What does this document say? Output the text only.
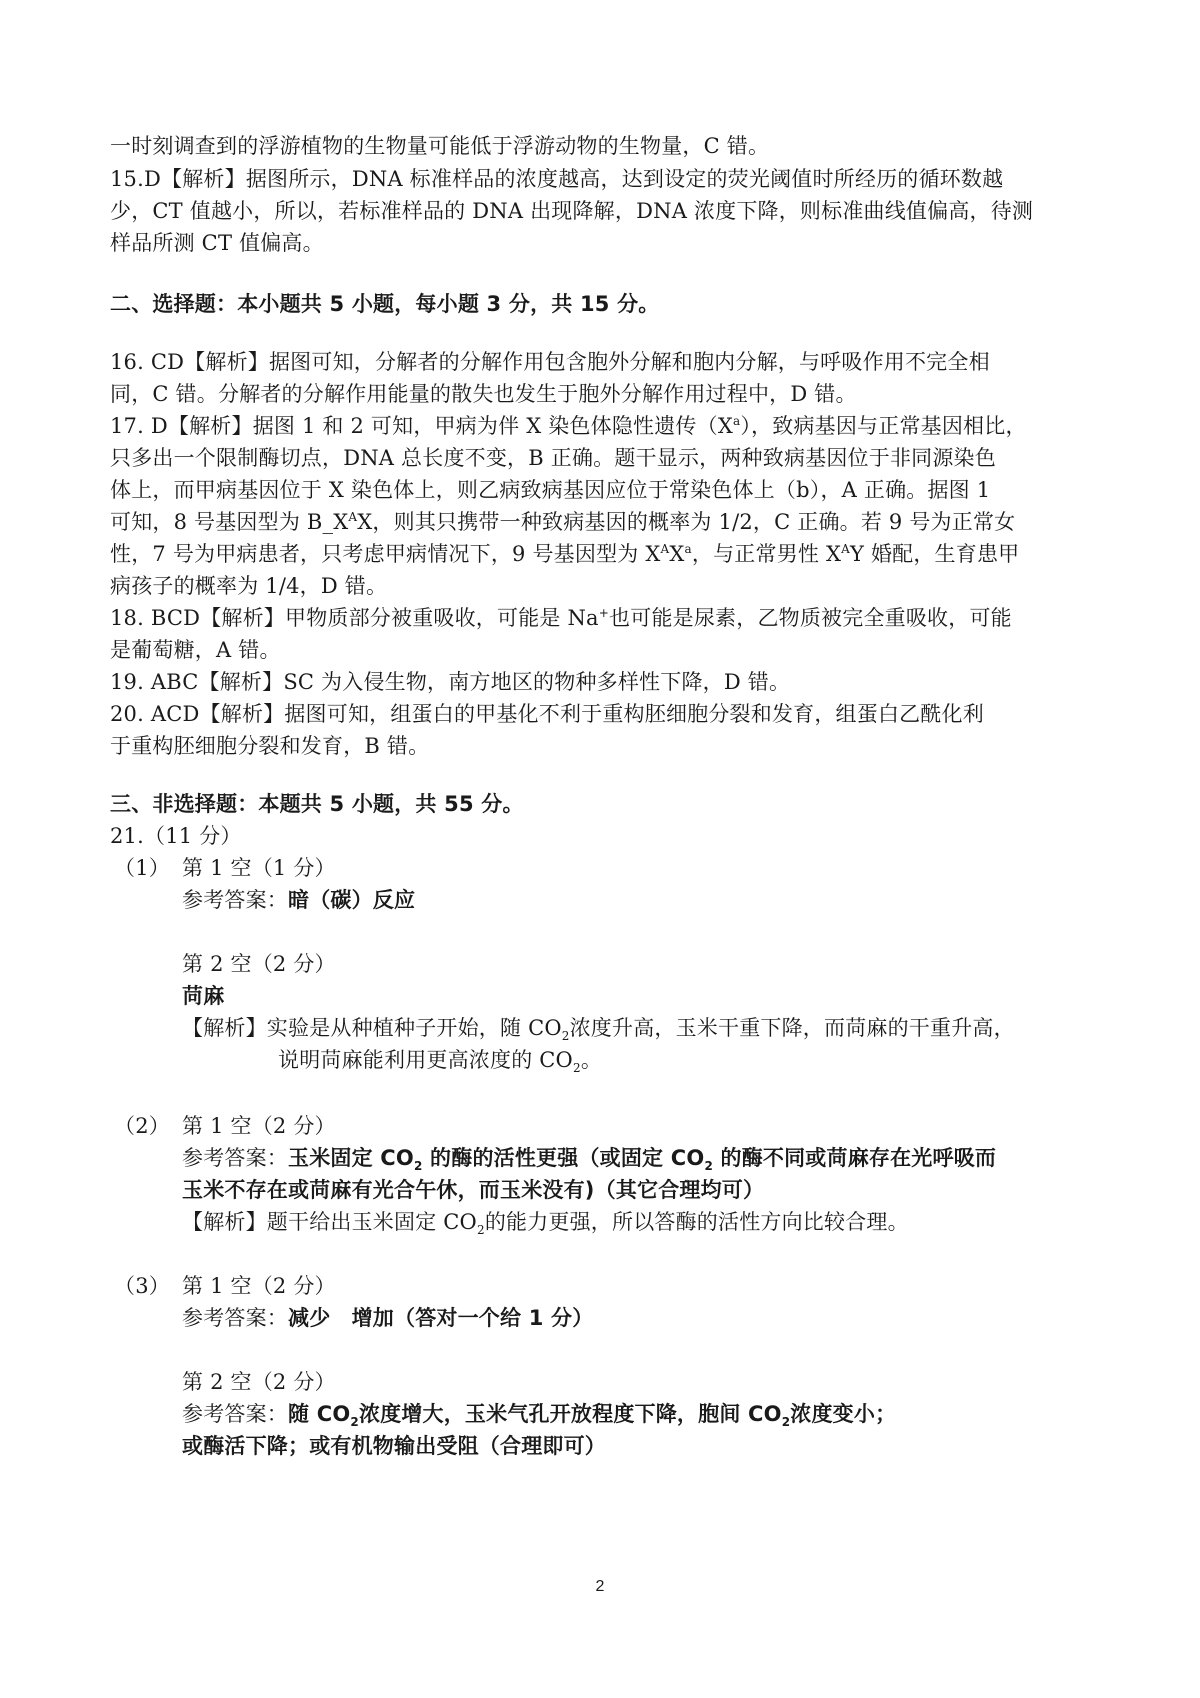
一时刻调查到的浮游植物的生物量可能低于浮游动物的生物量，C 错。
15.D【解析】据图所示，DNA 标准样品的浓度越高，达到设定的荧光阈值时所经历的循环数越
少，CT 值越小，所以，若标准样品的 DNA 出现降解，DNA 浓度下降，则标准曲线值偏高，待测
样品所测 CT 值偏高。
二、选择题：本小题共 5 小题，每小题 3 分，共 15 分。
16. CD【解析】据图可知，分解者的分解作用包含胞外分解和胞内分解，与呼吸作用不完全相
同，C 错。分解者的分解作用能量的散失也发生于胞外分解作用过程中，D 错。
17. D【解析】据图 1 和 2 可知，甲病为伴 X 染色体隐性遗传$(X^a)$，致病基因与正常基因相比，
只多出一个限制酶切点，DNA 总长度不变，B 正确。题干显示，两种致病基因位于非同源染色
体上，而甲病基因位于 X 染色体上，则乙病致病基因应位于常染色体上（b），A 正确。据图 1
可知，8 号基因型为 $B\_X^AX$，则其只携带一种致病基因的概率为 1/2，C 正确。若 9 号为正常女
性，7 号为甲病患者，只考虑甲病情况下，9 号基因型为 $X^AX^a$，与正常男性 $X^AY$ 婚配，生育患甲
病孩子的概率为 1/4，D 错。
18. BCD【解析】甲物质部分被重吸收，可能是 Na+也可能是尿素，乙物质被完全重吸收，可能
是葡萄糖，A 错。
19. ABC【解析】SC 为入侵生物，南方地区的物种多样性下降，D 错。
20. ACD【解析】据图可知，组蛋白的甲基化不利于重构胚细胞分裂和发育，组蛋白乙酰化利
于重构胚细胞分裂和发育，B 错。
三、非选择题：本题共 5 小题，共 55 分。
21.（11 分）
（1） 第 1 空（1 分）
参考答案：暗（碳）反应
第 2 空（2 分）
苘麻
【解析】实验是从种植种子开始，随 $CO_2$浓度升高，玉米干重下降，而苘麻的干重升高，
说明苘麻能利用更高浓度的 $CO_2$。
（2） 第 1 空（2 分）
参考答案：玉米固定 $CO_2$ 的酶的活性更强（或固定 $CO_2$ 的酶不同或苘麻存在光呼吸而
玉米不存在或苘麻有光合午休，而玉米没有)（其它合理均可）
【解析】题干给出玉米固定 $CO_2$的能力更强，所以答酶的活性方向比较合理。
（3） 第 1 空（2 分）
参考答案：减少　增加（答对一个给 1 分）
第 2 空（2 分）
参考答案：随 $CO_2$浓度增大，玉米气孔开放程度下降，胞间 $CO_2$浓度变小；
或酶活下降；或有机物输出受阻（合理即可）
2
